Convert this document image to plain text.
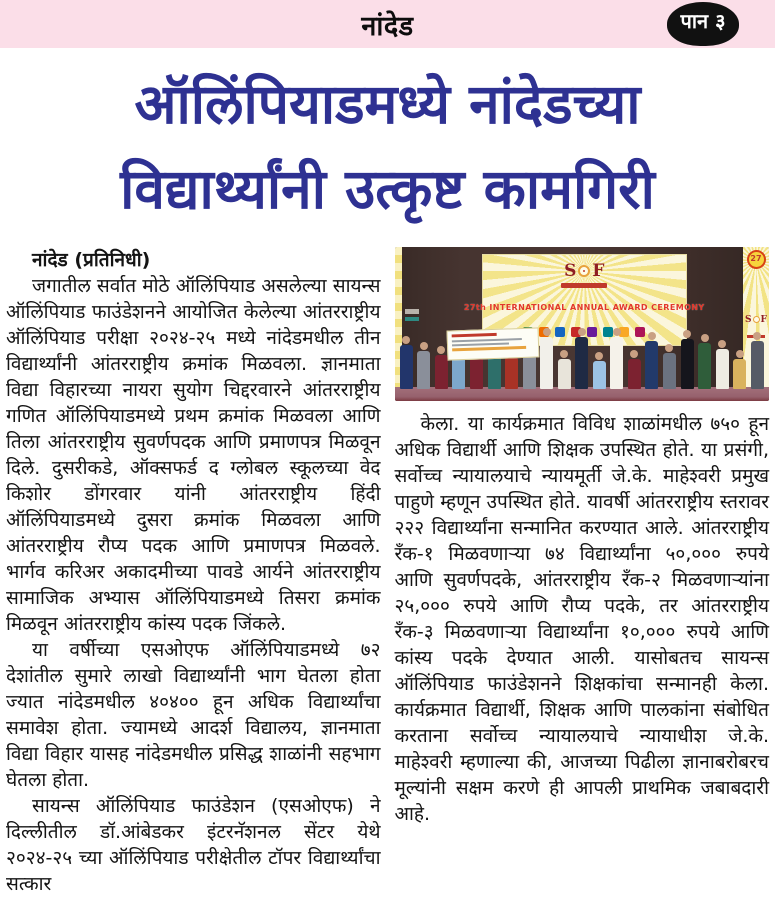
नांदेड	पान ३
ऑलिंपियाडमध्ये नांदेडच्या
विद्यार्थ्यांनी उत्कृष्ट कामगिरी

नांदेड (प्रतिनिधी)

जगातील सर्वात मोठे ऑलिंपियाड असलेल्या सायन्स ऑलिंपियाड फाउंडेशनने आयोजित केलेल्या आंतरराष्ट्रीय ऑलिंपियाड परीक्षा २०२४-२५ मध्ये नांदेडमधील तीन विद्यार्थ्यांनी आंतरराष्ट्रीय क्रमांक मिळवला. ज्ञानमाता विद्या विहारच्या नायरा सुयोग चिद्दरवारने आंतरराष्ट्रीय गणित ऑलिंपियाडमध्ये प्रथम क्रमांक मिळवला आणि तिला आंतरराष्ट्रीय सुवर्णपदक आणि प्रमाणपत्र मिळवून दिले. दुसरीकडे, ऑक्सफर्ड द ग्लोबल स्कूलच्या वेद किशोर डोंगरवार यांनी आंतरराष्ट्रीय हिंदी ऑलिंपियाडमध्ये दुसरा क्रमांक मिळवला आणि आंतरराष्ट्रीय रौप्य पदक आणि प्रमाणपत्र मिळवले. भार्गव करिअर अकादमीच्या पावडे आर्यने आंतरराष्ट्रीय सामाजिक अभ्यास ऑलिंपियाडमध्ये तिसरा क्रमांक मिळवून आंतरराष्ट्रीय कांस्य पदक जिंकले.

या वर्षीच्या एसओएफ ऑलिंपियाडमध्ये ७२ देशांतील सुमारे लाखो विद्यार्थ्यांनी भाग घेतला होता ज्यात नांदेडमधील ४०४०० हून अधिक विद्यार्थ्यांचा समावेश होता. ज्यामध्ये आदर्श विद्यालय, ज्ञानमाता विद्या विहार यासह नांदेडमधील प्रसिद्ध शाळांनी सहभाग घेतला होता.

सायन्स ऑलिंपियाड फाउंडेशन (एसओएफ) ने दिल्लीतील डॉ.आंबेडकर इंटरनॅशनल सेंटर येथे २०२४-२५ च्या ऑलिंपियाड परीक्षेतील टॉपर विद्यार्थ्यांचा सत्कार

S F
27th INTERNATIONAL ANNUAL AWARD CEREMONY
27
S F

केला. या कार्यक्रमात विविध शाळांमधील ७५० हून अधिक विद्यार्थी आणि शिक्षक उपस्थित होते. या प्रसंगी, सर्वोच्च न्यायालयाचे न्यायमूर्ती जे.के. माहेश्वरी प्रमुख पाहुणे म्हणून उपस्थित होते. यावर्षी आंतरराष्ट्रीय स्तरावर २२२ विद्यार्थ्यांना सन्मानित करण्यात आले. आंतरराष्ट्रीय रँक-१ मिळवणाऱ्या ७४ विद्यार्थ्यांना ५०,००० रुपये आणि सुवर्णपदके, आंतरराष्ट्रीय रँक-२ मिळवणाऱ्यांना २५,००० रुपये आणि रौप्य पदके, तर आंतरराष्ट्रीय रँक-३ मिळवणाऱ्या विद्यार्थ्यांना १०,००० रुपये आणि कांस्य पदके देण्यात आली. यासोबतच सायन्स ऑलिंपियाड फाउंडेशनने शिक्षकांचा सन्मानही केला. कार्यक्रमात विद्यार्थी, शिक्षक आणि पालकांना संबोधित करताना सर्वोच्च न्यायालयाचे न्यायाधीश जे.के. माहेश्वरी म्हणाल्या की, आजच्या पिढीला ज्ञानाबरोबरच मूल्यांनी सक्षम करणे ही आपली प्राथमिक जबाबदारी आहे.
